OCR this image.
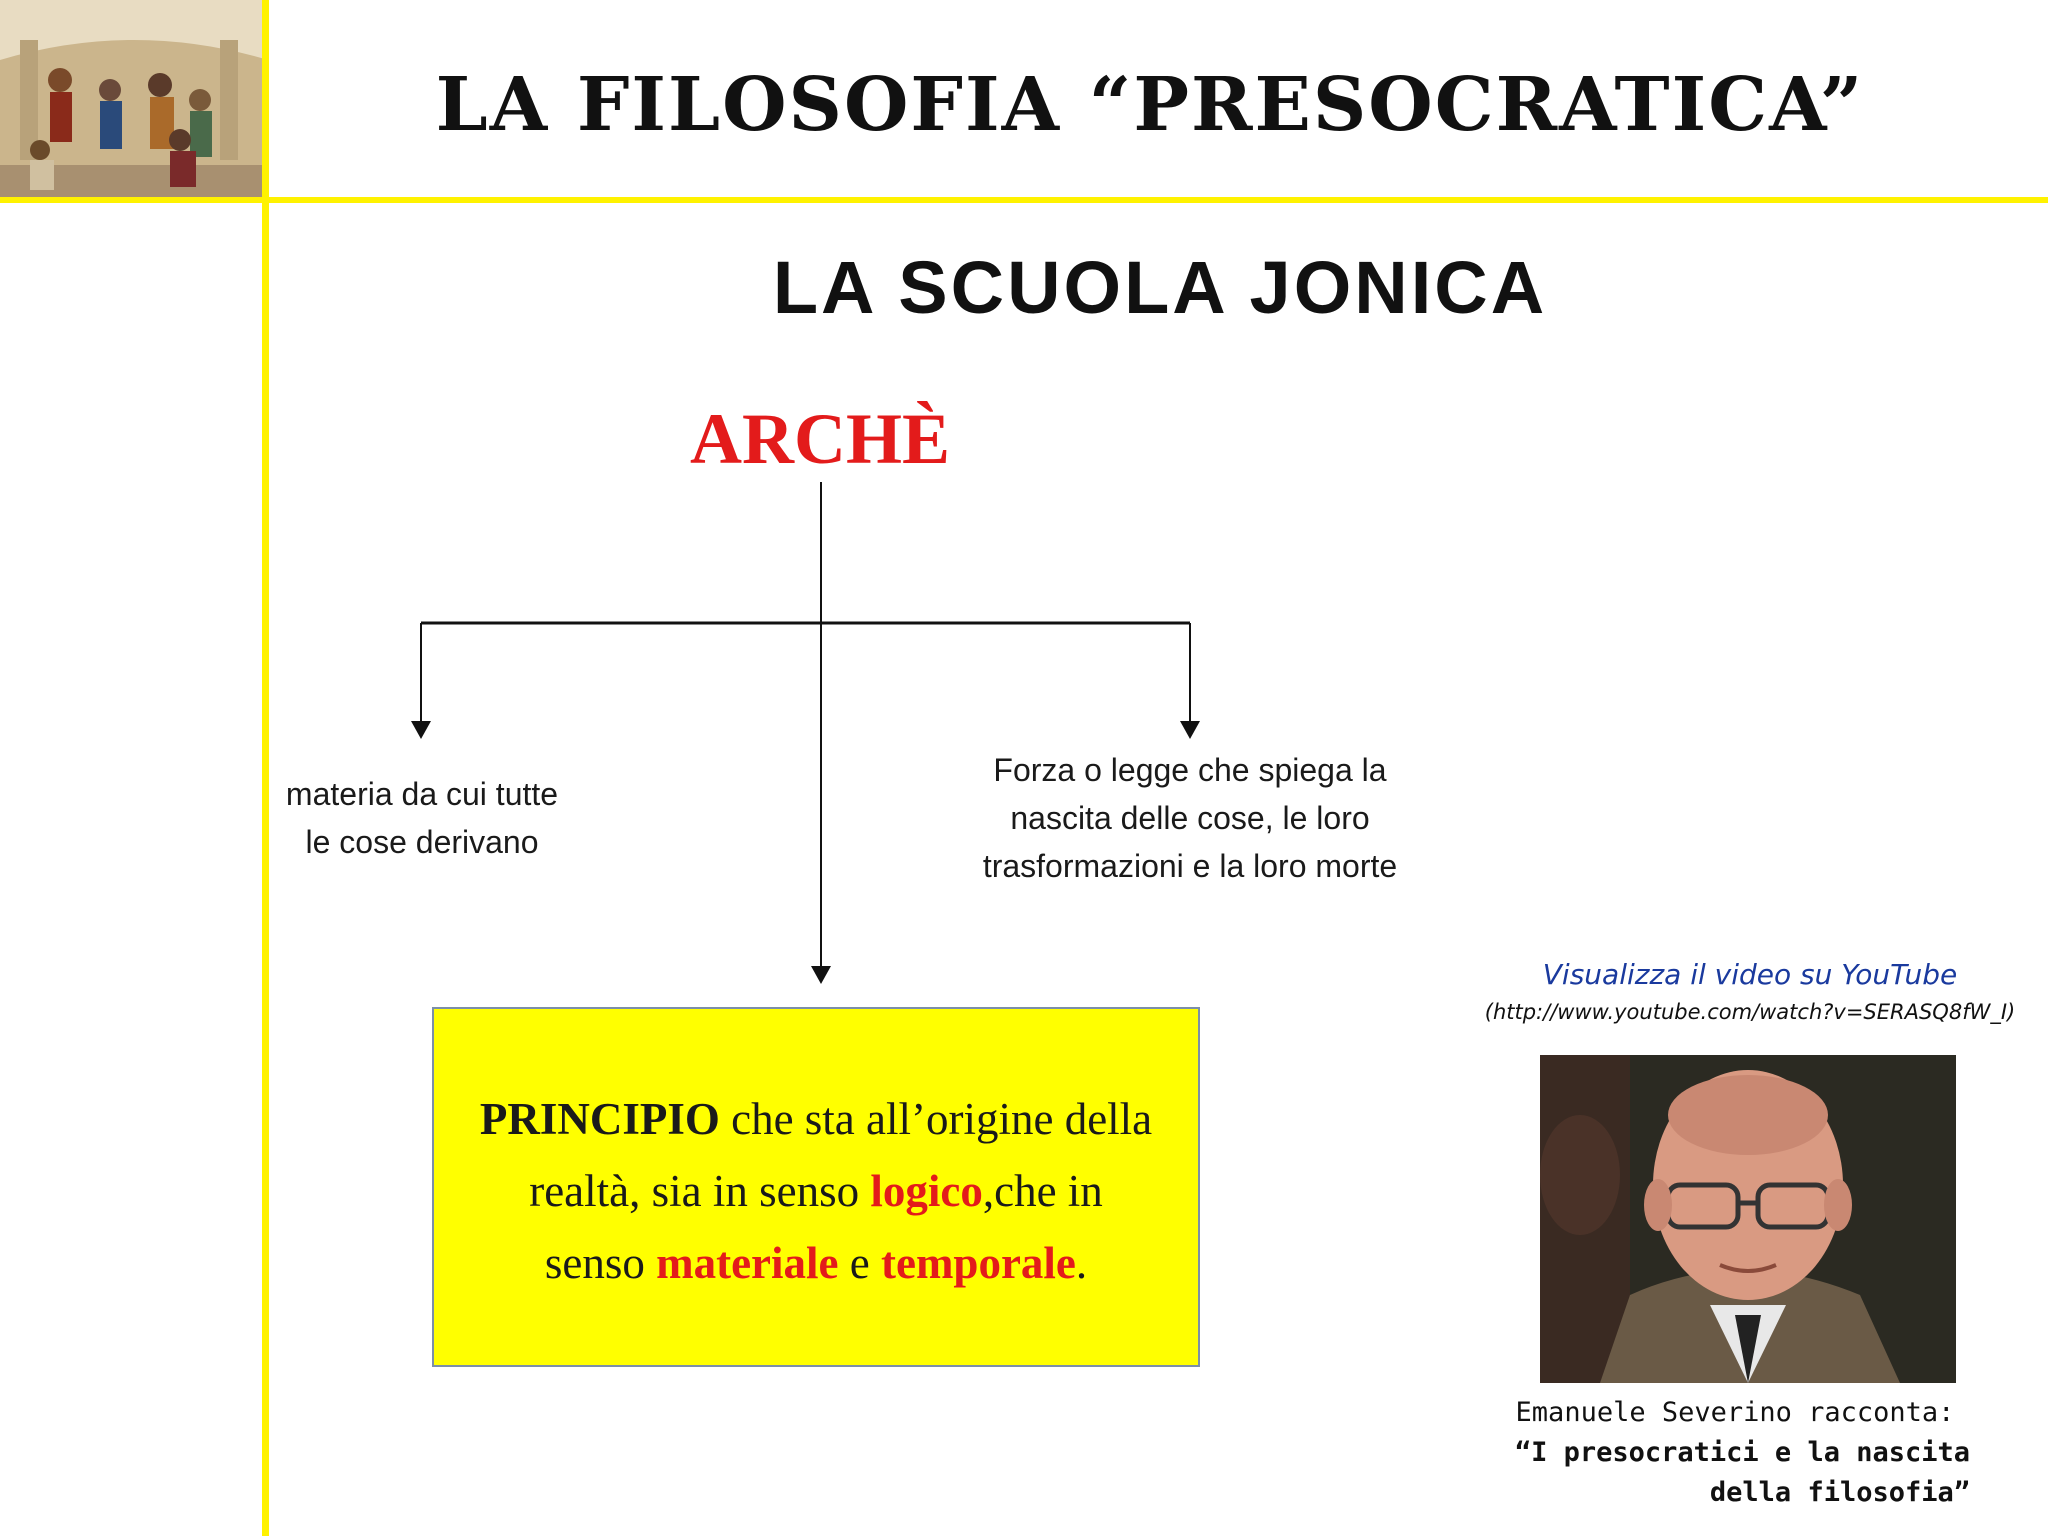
LA FILOSOFIA “PRESOCRATICA”
LA SCUOLA JONICA
ARCHÈ
materia da cui tutte
le cose derivano
Forza o legge che spiega la
nascita delle cose, le loro
trasformazioni e la loro morte
PRINCIPIO che sta all’origine della
realtà, sia in senso logico,che in
senso materiale e temporale.
Visualizza il video su YouTube
(http://www.youtube.com/watch?v=SERASQ8fW_I)
Emanuele Severino racconta:
“I presocratici e la nascita
della filosofia”
